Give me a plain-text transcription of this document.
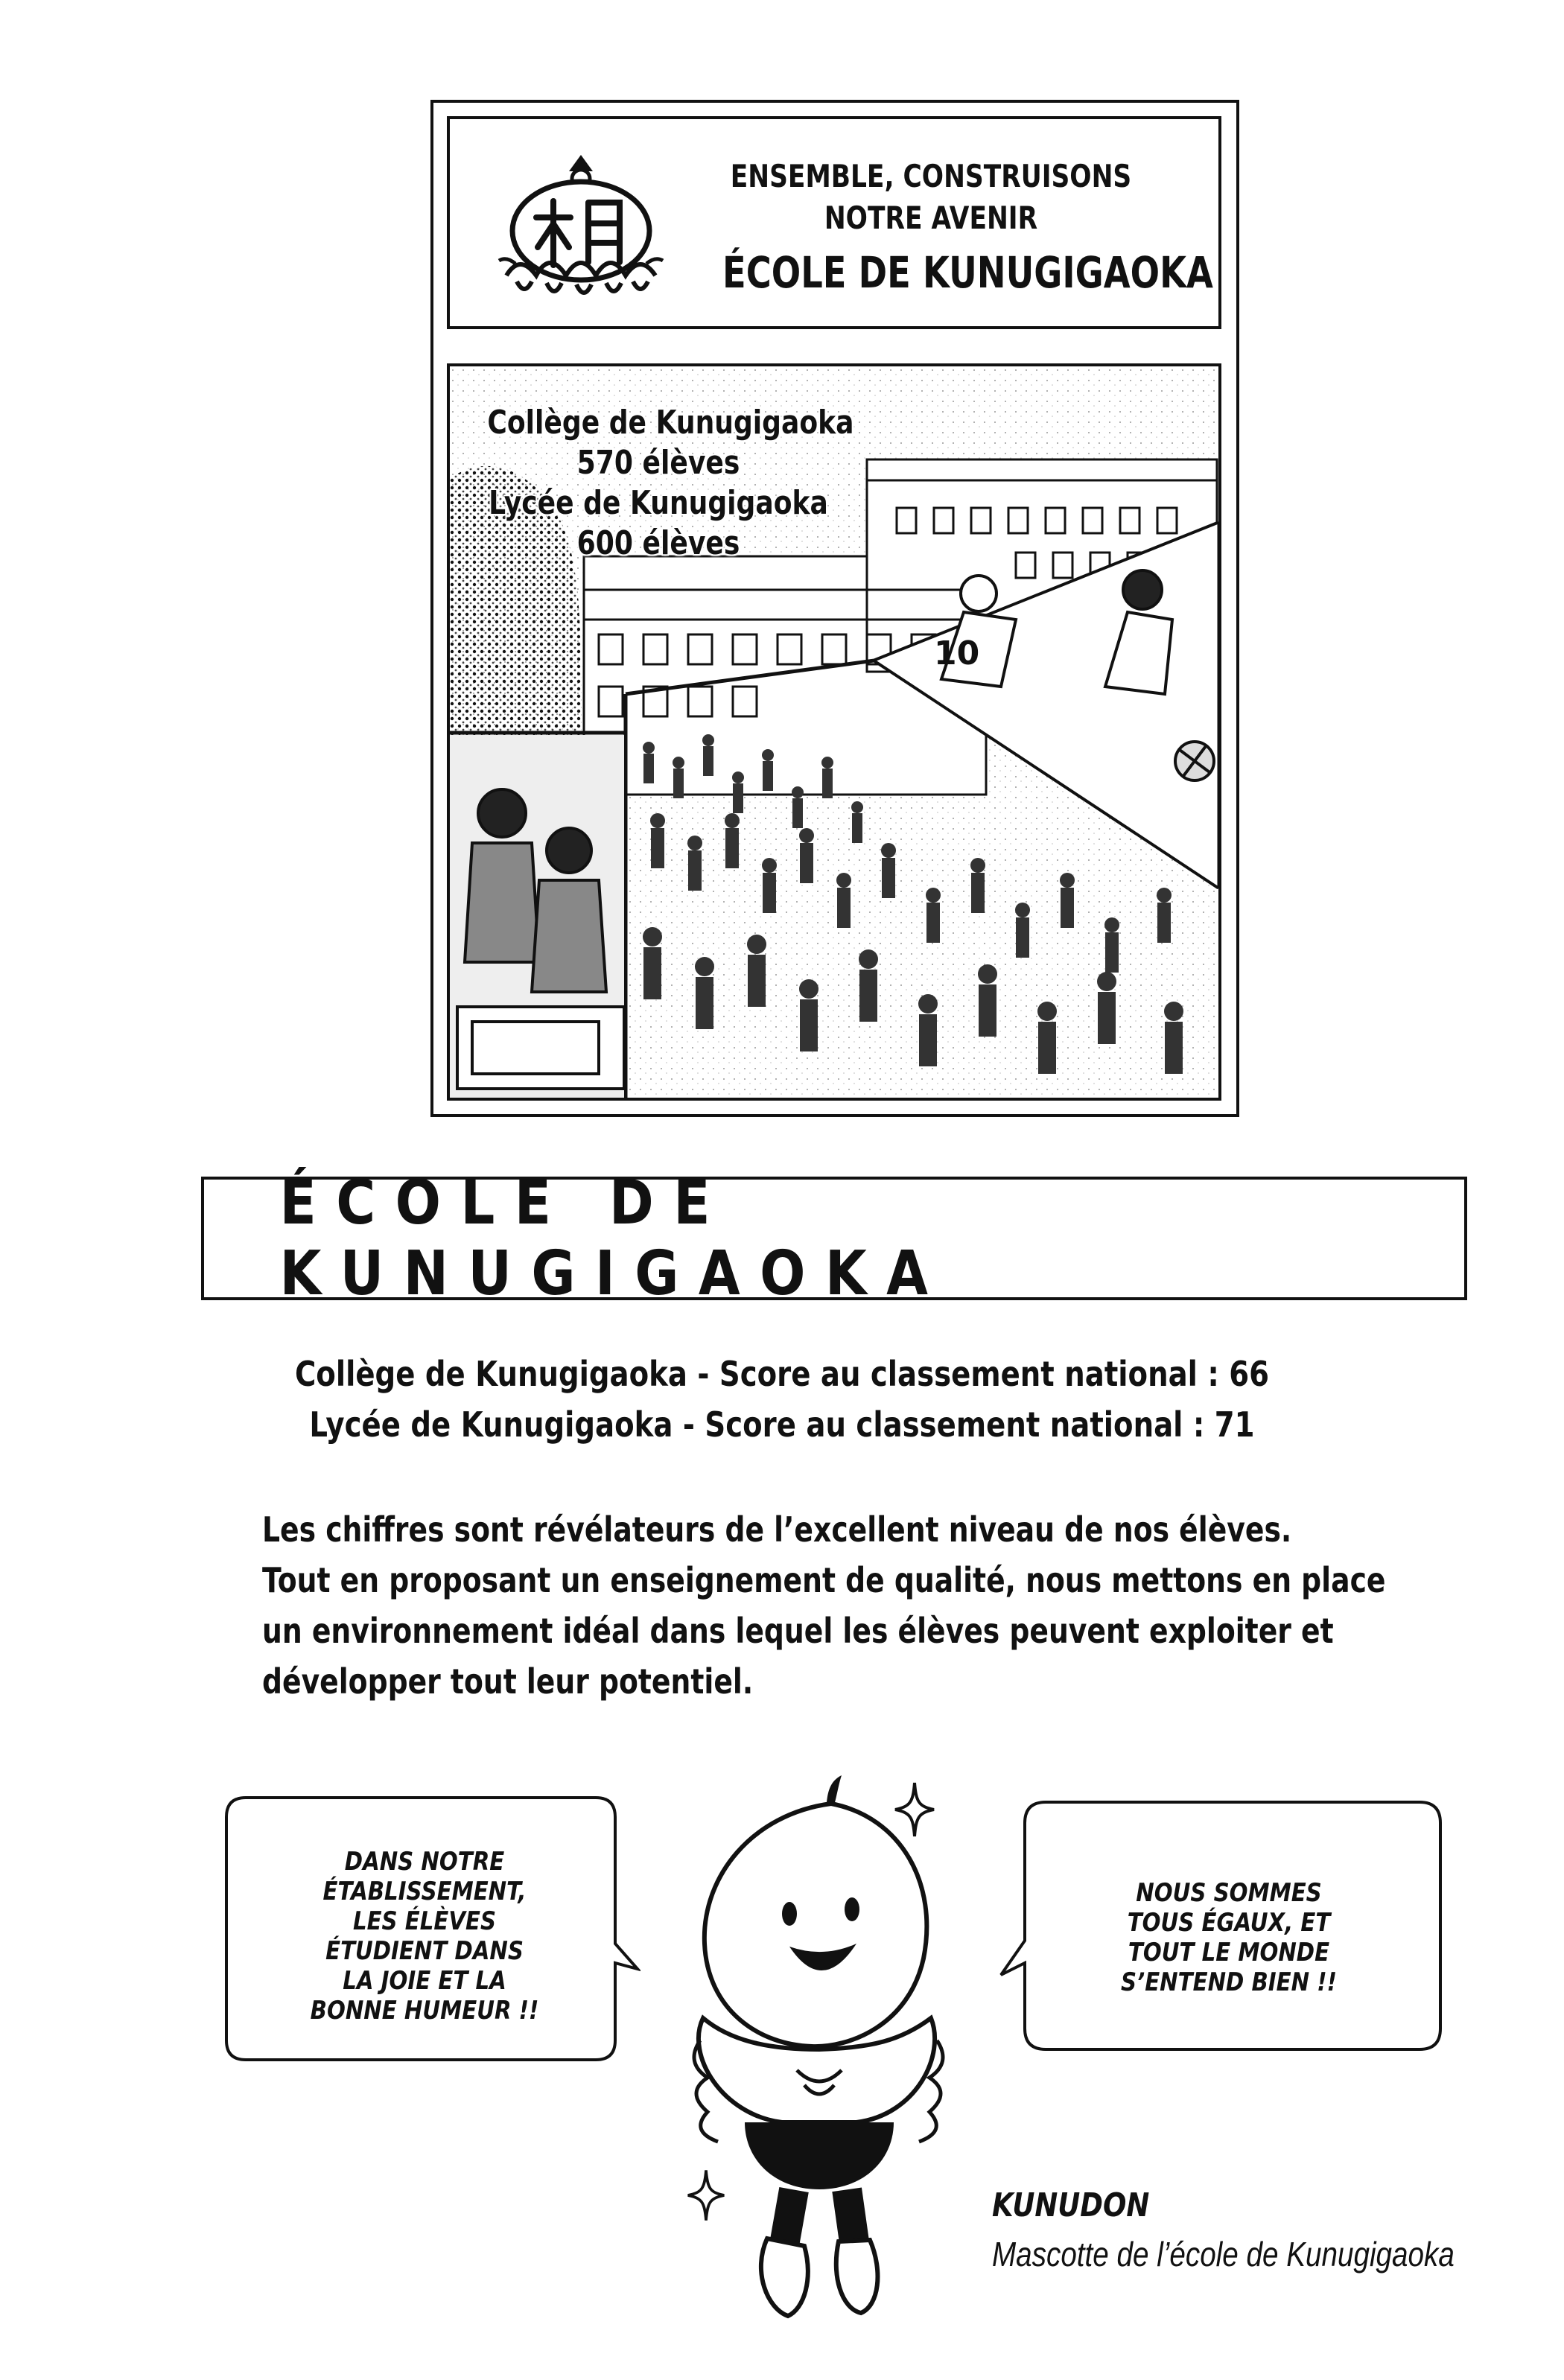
ENSEMBLE, CONSTRUISONS
NOTRE AVENIR
ÉCOLE DE KUNUGIGAOKA
10
Collège de Kunugigaoka
570 élèves
Lycée de Kunugigaoka
600 élèves
ÉCOLE DE KUNUGIGAOKA
Collège de Kunugigaoka - Score au classement national : 66
Lycée de Kunugigaoka - Score au classement national : 71
Les chiffres sont révélateurs de l’excellent niveau de nos élèves.
Tout en proposant un enseignement de qualité, nous mettons en place
un environnement idéal dans lequel les élèves peuvent exploiter et
développer tout leur potentiel.
DANS NOTRE
ÉTABLISSEMENT,
LES ÉLÈVES
ÉTUDIENT DANS
LA JOIE ET LA
BONNE HUMEUR !!
NOUS SOMMES
TOUS ÉGAUX, ET
TOUT LE MONDE
S’ENTEND BIEN !!
KUNUDON
Mascotte de l’école de Kunugigaoka
